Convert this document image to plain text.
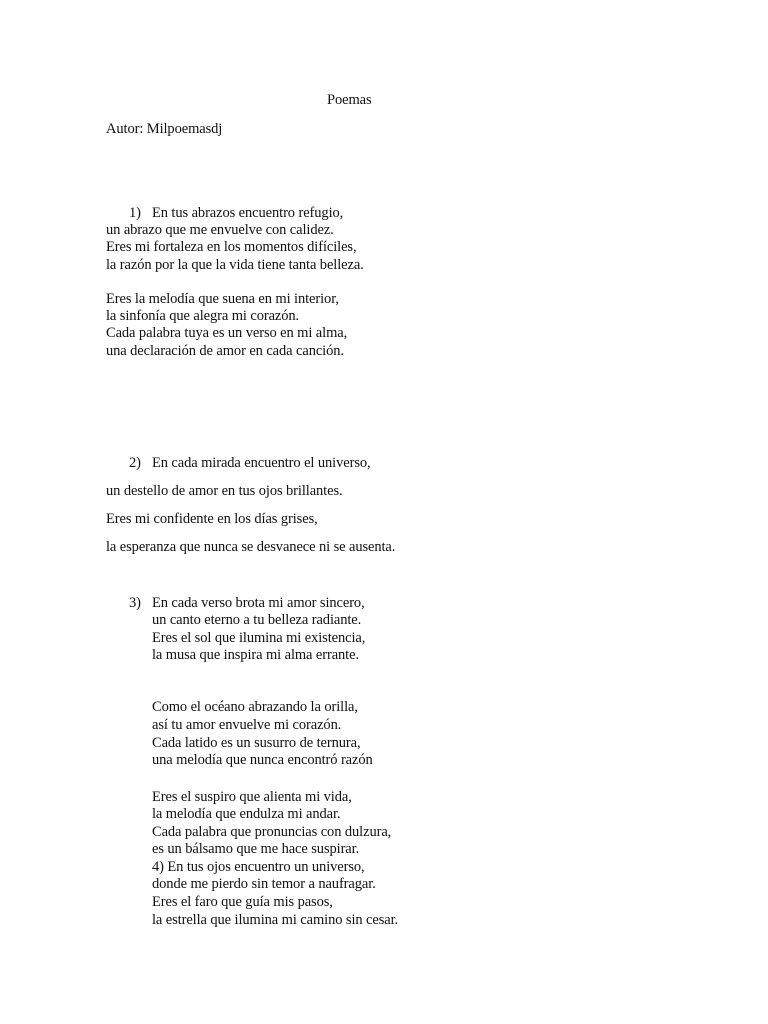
Poemas
Autor: Milpoemasdj
1) En tus abrazos encuentro refugio,
un abrazo que me envuelve con calidez.
Eres mi fortaleza en los momentos difíciles,
la razón por la que la vida tiene tanta belleza.
Eres la melodía que suena en mi interior,
la sinfonía que alegra mi corazón.
Cada palabra tuya es un verso en mi alma,
una declaración de amor en cada canción.
2) En cada mirada encuentro el universo,
un destello de amor en tus ojos brillantes.
Eres mi confidente en los días grises,
la esperanza que nunca se desvanece ni se ausenta.
3) En cada verso brota mi amor sincero,
un canto eterno a tu belleza radiante.
Eres el sol que ilumina mi existencia,
la musa que inspira mi alma errante.
Como el océano abrazando la orilla,
así tu amor envuelve mi corazón.
Cada latido es un susurro de ternura,
una melodía que nunca encontró razón
Eres el suspiro que alienta mi vida,
la melodía que endulza mi andar.
Cada palabra que pronuncias con dulzura,
es un bálsamo que me hace suspirar.
4) En tus ojos encuentro un universo,
donde me pierdo sin temor a naufragar.
Eres el faro que guía mis pasos,
la estrella que ilumina mi camino sin cesar.
